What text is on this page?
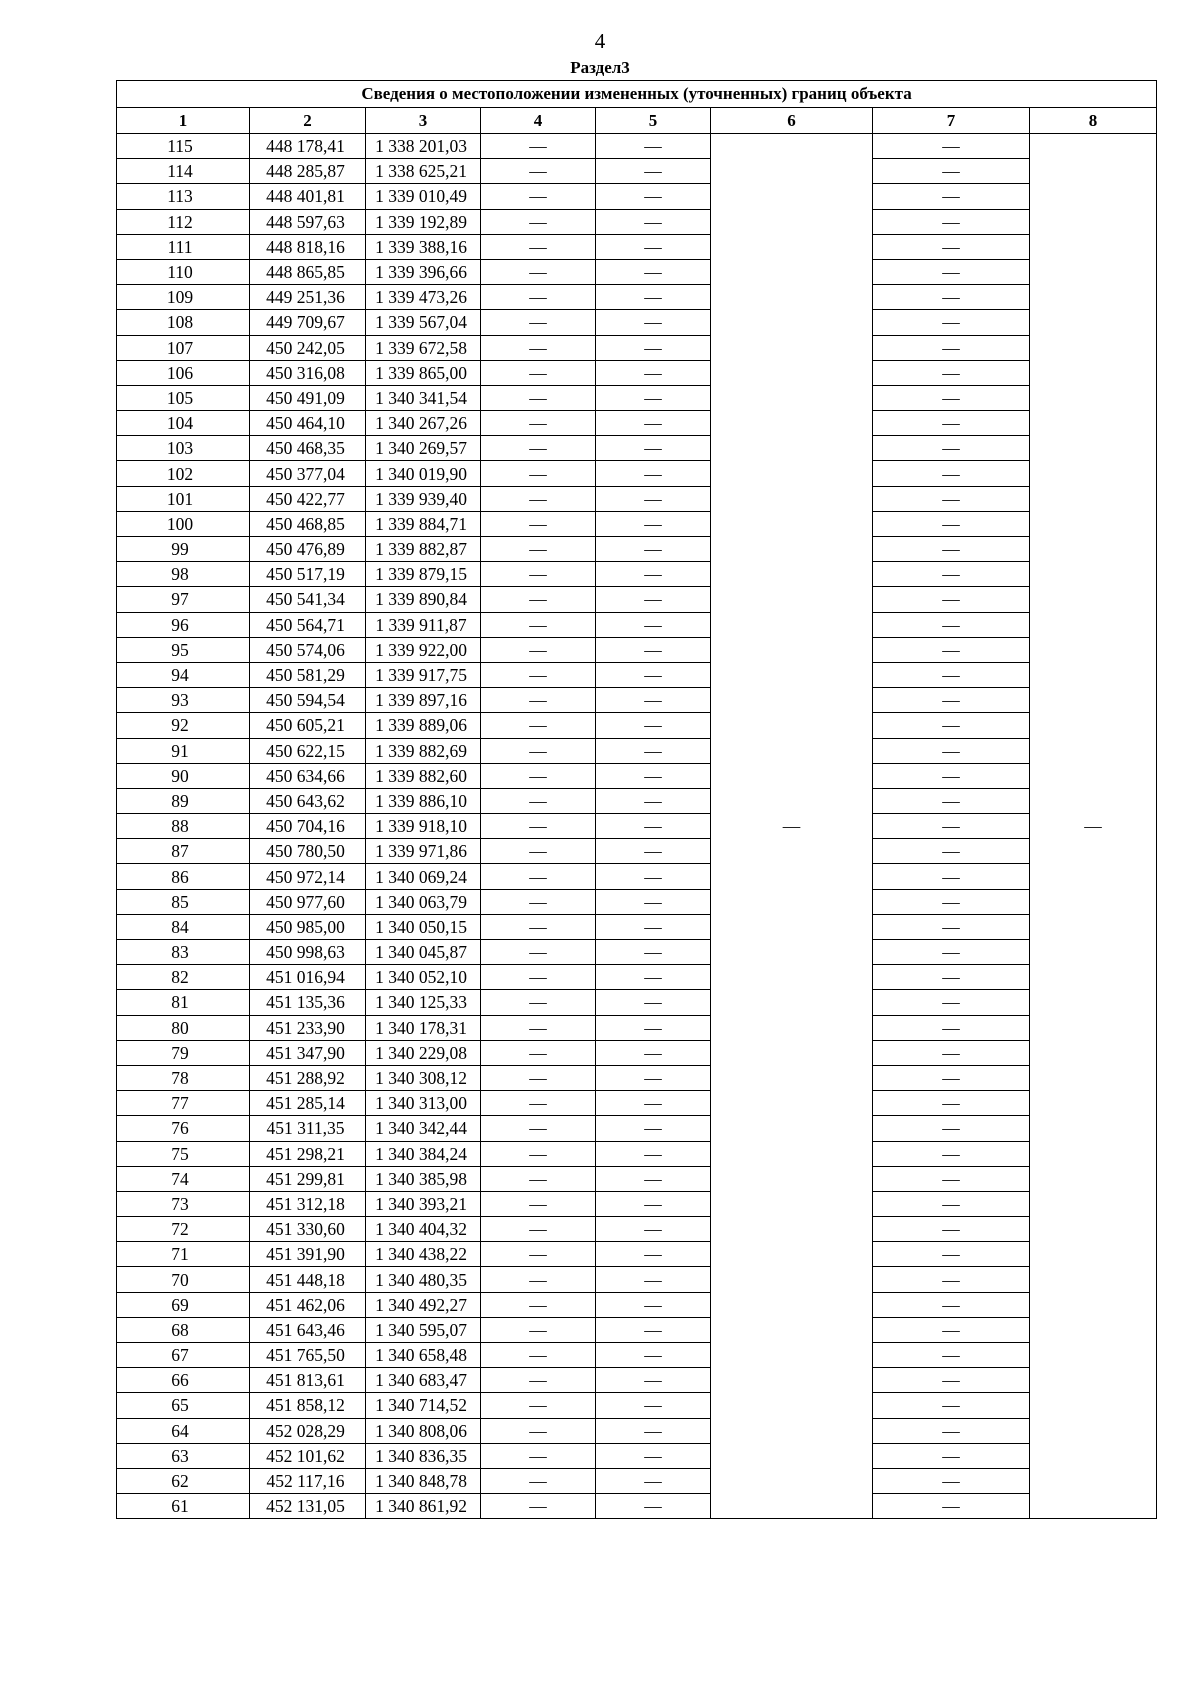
4
Раздел3
Сведения о местоположении измененных (уточненных) границ объекта							
1	2	3	4	5	6	7	8
115	448 178,41	1 338 201,03	—	—	—	—	—
114	448 285,87	1 338 625,21	—	—		—	
113	448 401,81	1 339 010,49	—	—		—	
112	448 597,63	1 339 192,89	—	—		—	
111	448 818,16	1 339 388,16	—	—		—	
110	448 865,85	1 339 396,66	—	—		—	
109	449 251,36	1 339 473,26	—	—		—	
108	449 709,67	1 339 567,04	—	—		—	
107	450 242,05	1 339 672,58	—	—		—	
106	450 316,08	1 339 865,00	—	—		—	
105	450 491,09	1 340 341,54	—	—		—	
104	450 464,10	1 340 267,26	—	—		—	
103	450 468,35	1 340 269,57	—	—		—	
102	450 377,04	1 340 019,90	—	—		—	
101	450 422,77	1 339 939,40	—	—		—	
100	450 468,85	1 339 884,71	—	—		—	
99	450 476,89	1 339 882,87	—	—		—	
98	450 517,19	1 339 879,15	—	—		—	
97	450 541,34	1 339 890,84	—	—		—	
96	450 564,71	1 339 911,87	—	—		—	
95	450 574,06	1 339 922,00	—	—		—	
94	450 581,29	1 339 917,75	—	—		—	
93	450 594,54	1 339 897,16	—	—		—	
92	450 605,21	1 339 889,06	—	—		—	
91	450 622,15	1 339 882,69	—	—		—	
90	450 634,66	1 339 882,60	—	—		—	
89	450 643,62	1 339 886,10	—	—		—	
88	450 704,16	1 339 918,10	—	—		—	
87	450 780,50	1 339 971,86	—	—		—	
86	450 972,14	1 340 069,24	—	—		—	
85	450 977,60	1 340 063,79	—	—		—	
84	450 985,00	1 340 050,15	—	—		—	
83	450 998,63	1 340 045,87	—	—		—	
82	451 016,94	1 340 052,10	—	—		—	
81	451 135,36	1 340 125,33	—	—		—	
80	451 233,90	1 340 178,31	—	—		—	
79	451 347,90	1 340 229,08	—	—		—	
78	451 288,92	1 340 308,12	—	—		—	
77	451 285,14	1 340 313,00	—	—		—	
76	451 311,35	1 340 342,44	—	—		—	
75	451 298,21	1 340 384,24	—	—		—	
74	451 299,81	1 340 385,98	—	—		—	
73	451 312,18	1 340 393,21	—	—		—	
72	451 330,60	1 340 404,32	—	—		—	
71	451 391,90	1 340 438,22	—	—		—	
70	451 448,18	1 340 480,35	—	—		—	
69	451 462,06	1 340 492,27	—	—		—	
68	451 643,46	1 340 595,07	—	—		—	
67	451 765,50	1 340 658,48	—	—		—	
66	451 813,61	1 340 683,47	—	—		—	
65	451 858,12	1 340 714,52	—	—		—	
64	452 028,29	1 340 808,06	—	—		—	
63	452 101,62	1 340 836,35	—	—		—	
62	452 117,16	1 340 848,78	—	—		—	
61	452 131,05	1 340 861,92	—	—		—	
